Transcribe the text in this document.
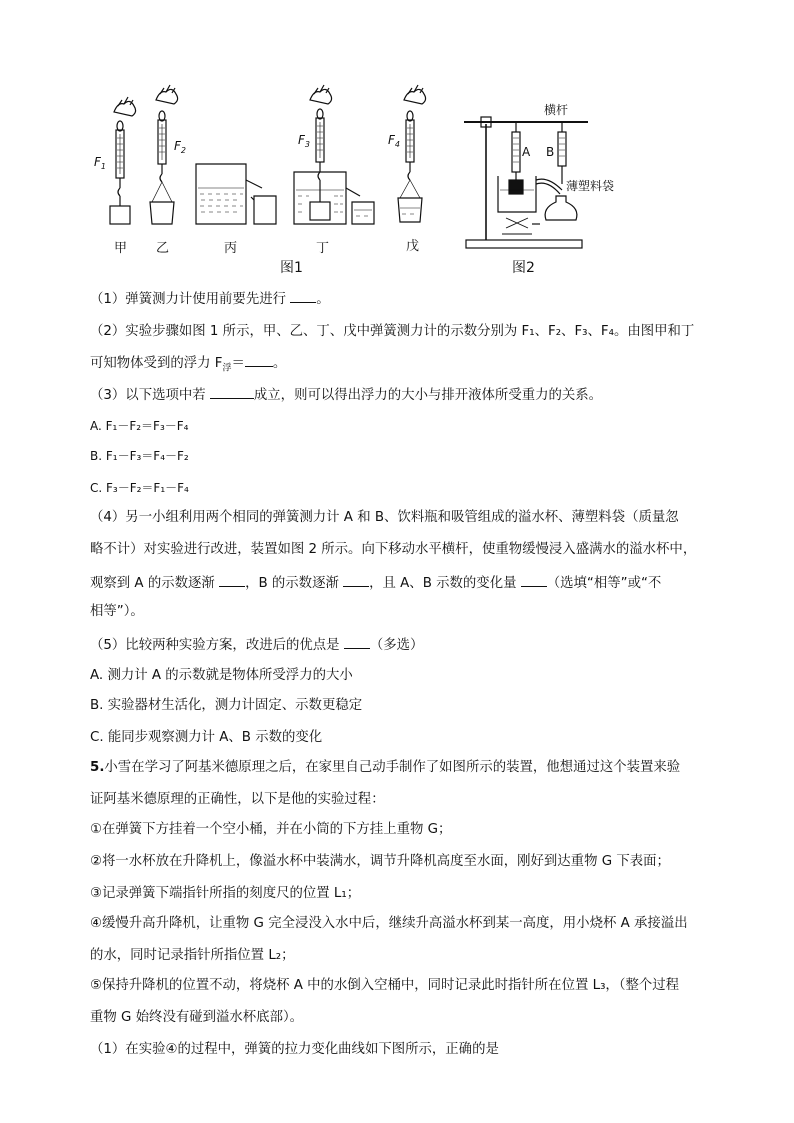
$F_1$
$F_2$
$F_3$	$F_4$
甲 乙	丙	丁	戊
横杆
A B
薄塑料袋
图1	图2
（1）弹簧测力计使用前要先进行 。
（2）实验步骤如图 1 所示，甲、乙、丁、戊中弹簧测力计的示数分别为 F₁、F₂、F₃、F₄。由图甲和丁
可知物体受到的浮力 $F_浮=$ 。
（3）以下选项中若	成立，则可以得出浮力的大小与排开液体所受重力的关系。
A. F₁－F₂＝F₃－F₄
B. F₁－F₃＝F₄－F₂
C. F₃－F₂＝F₁－F₄
（4）另一小组利用两个相同的弹簧测力计 A 和 B、饮料瓶和吸管组成的溢水杯、薄塑料袋（质量忽
略不计）对实验进行改进，装置如图 2 所示。向下移动水平横杆，使重物缓慢浸入盛满水的溢水杯中，
观察到 A 的示数逐渐 ，B 的示数逐渐 ，且 A、B 示数的变化量 （选填“相等”或“不
相等”）。
（5）比较两种实验方案，改进后的优点是 （多选）
A. 测力计 A 的示数就是物体所受浮力的大小
B. 实验器材生活化，测力计固定、示数更稳定
C. 能同步观察测力计 A、B 示数的变化
5.小雪在学习了阿基米德原理之后，在家里自己动手制作了如图所示的装置，他想通过这个装置来验
证阿基米德原理的正确性，以下是他的实验过程：
①在弹簧下方挂着一个空小桶，并在小筒的下方挂上重物 G；
②将一水杯放在升降机上，像溢水杯中装满水，调节升降机高度至水面，刚好到达重物 G 下表面；
③记录弹簧下端指针所指的刻度尺的位置 L₁；
④缓慢升高升降机，让重物 G 完全浸没入水中后，继续升高溢水杯到某一高度，用小烧杯 A 承接溢出
的水，同时记录指针所指位置 L₂；
⑤保持升降机的位置不动，将烧杯 A 中的水倒入空桶中，同时记录此时指针所在位置 L₃，（整个过程
重物 G 始终没有碰到溢水杯底部）。
（1）在实验④的过程中，弹簧的拉力变化曲线如下图所示，正确的是
